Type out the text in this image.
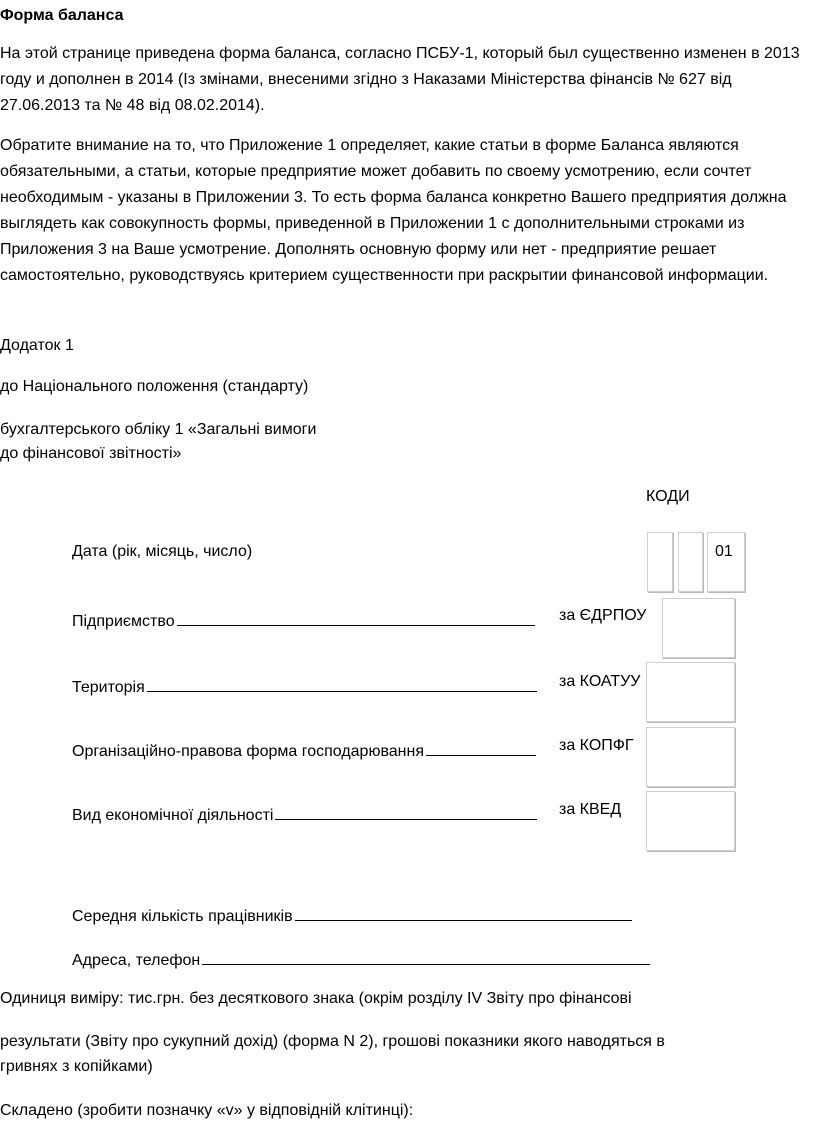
Форма баланса

На этой странице приведена форма баланса, согласно ПСБУ-1, который был существенно изменен в 2013 году и дополнен в 2014 (Із змінами, внесеними згідно з Наказами Міністерства фінансів № 627 від 27.06.2013 та № 48 від 08.02.2014).

Обратите внимание на то, что Приложение 1 определяет, какие статьи в форме Баланса являются обязательными, а статьи, которые предприятие может добавить по своему усмотрению, если сочтет необходимым - указаны в Приложении 3. То есть форма баланса конкретно Вашего предприятия должна выглядеть как совокупность формы, приведенной в Приложении 1 с дополнительными строками из Приложения 3 на Ваше усмотрение. Дополнять основную форму или нет - предприятие решает самостоятельно, руководствуясь критерием существенности при раскрытии финансовой информации.

Додаток 1
до Національного положення (стандарту)
бухгалтерського обліку 1 «Загальні вимоги
до фінансової звітності»
КОДИ
Дата (рік, місяць, число)	01
Підприємство	за ЄДРПОУ
Територія	за КОАТУУ
Організаційно-правова форма господарювання	за КОПФГ
Вид економічної діяльності	за КВЕД
Середня кількість працівників
Адреса, телефон
Одиниця виміру: тис.грн. без десяткового знака (окрім розділу IV Звіту про фінансові
результати (Звіту про сукупний дохід) (форма N 2), грошові показники якого наводяться в
гривнях з копійками)
Складено (зробити позначку «v» у відповідній клітинці):
